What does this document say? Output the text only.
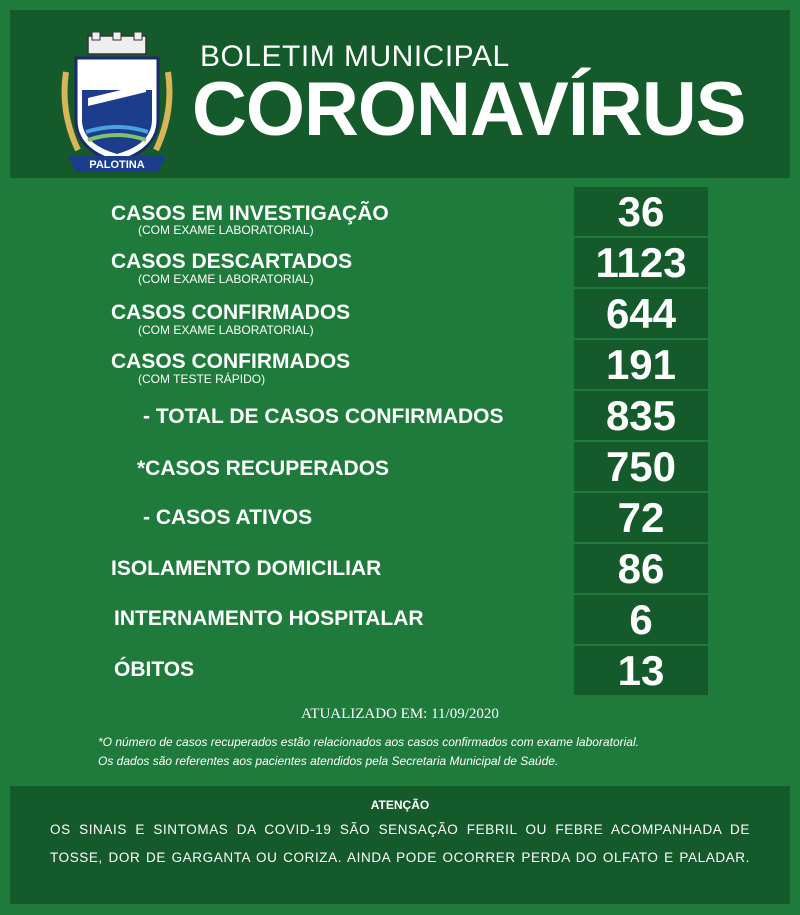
PALOTINA
BOLETIM MUNICIPAL
CORONAVÍRUS
CASOS EM INVESTIGAÇÃO
(COM EXAME LABORATORIAL)	36
CASOS DESCARTADOS
(COM EXAME LABORATORIAL)	1123
CASOS CONFIRMADOS
(COM EXAME LABORATORIAL)	644
CASOS CONFIRMADOS
(COM TESTE RÁPIDO)	191
- TOTAL DE CASOS CONFIRMADOS	835
*CASOS RECUPERADOS	750
- CASOS ATIVOS	72
ISOLAMENTO DOMICILIAR	86
INTERNAMENTO HOSPITALAR	6
ÓBITOS	13
ATUALIZADO EM: 11/09/2020
*O número de casos recuperados estão relacionados aos casos confirmados com exame laboratorial.
Os dados são referentes aos pacientes atendidos pela Secretaria Municipal de Saúde.
ATENÇÃO
OS SINAIS E SINTOMAS DA COVID-19 SÃO SENSAÇÃO FEBRIL OU FEBRE ACOMPANHADA DE
TOSSE, DOR DE GARGANTA OU CORIZA. AINDA PODE OCORRER PERDA DO OLFATO E PALADAR.
